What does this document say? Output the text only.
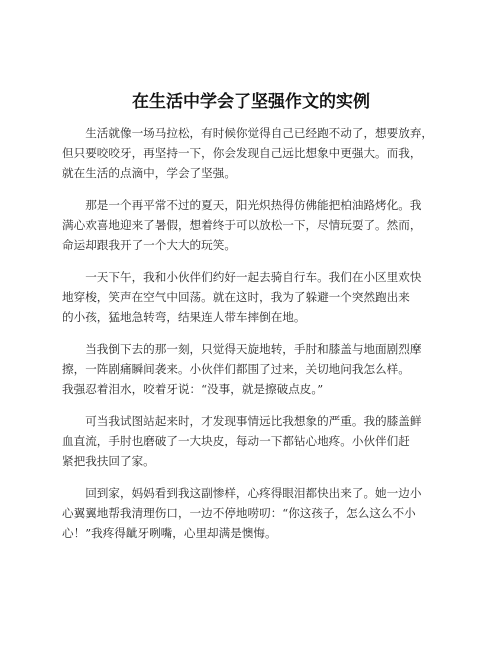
在生活中学会了坚强作文的实例

生活就像一场马拉松，有时候你觉得自己已经跑不动了，想要放弃，
但只要咬咬牙，再坚持一下，你会发现自己远比想象中更强大。而我，
就在生活的点滴中，学会了坚强。

那是一个再平常不过的夏天，阳光炽热得仿佛能把柏油路烤化。我
满心欢喜地迎来了暑假，想着终于可以放松一下，尽情玩耍了。然而，
命运却跟我开了一个大大的玩笑。

一天下午，我和小伙伴们约好一起去骑自行车。我们在小区里欢快
地穿梭，笑声在空气中回荡。就在这时，我为了躲避一个突然跑出来
的小孩，猛地急转弯，结果连人带车摔倒在地。

当我倒下去的那一刻，只觉得天旋地转，手肘和膝盖与地面剧烈摩
擦，一阵剧痛瞬间袭来。小伙伴们都围了过来，关切地问我怎么样。
我强忍着泪水，咬着牙说：“没事，就是擦破点皮。”

可当我试图站起来时，才发现事情远比我想象的严重。我的膝盖鲜
血直流，手肘也磨破了一大块皮，每动一下都钻心地疼。小伙伴们赶
紧把我扶回了家。

回到家，妈妈看到我这副惨样，心疼得眼泪都快出来了。她一边小
心翼翼地帮我清理伤口，一边不停地唠叨：“你这孩子，怎么这么不小
心！”我疼得龇牙咧嘴，心里却满是懊悔。
